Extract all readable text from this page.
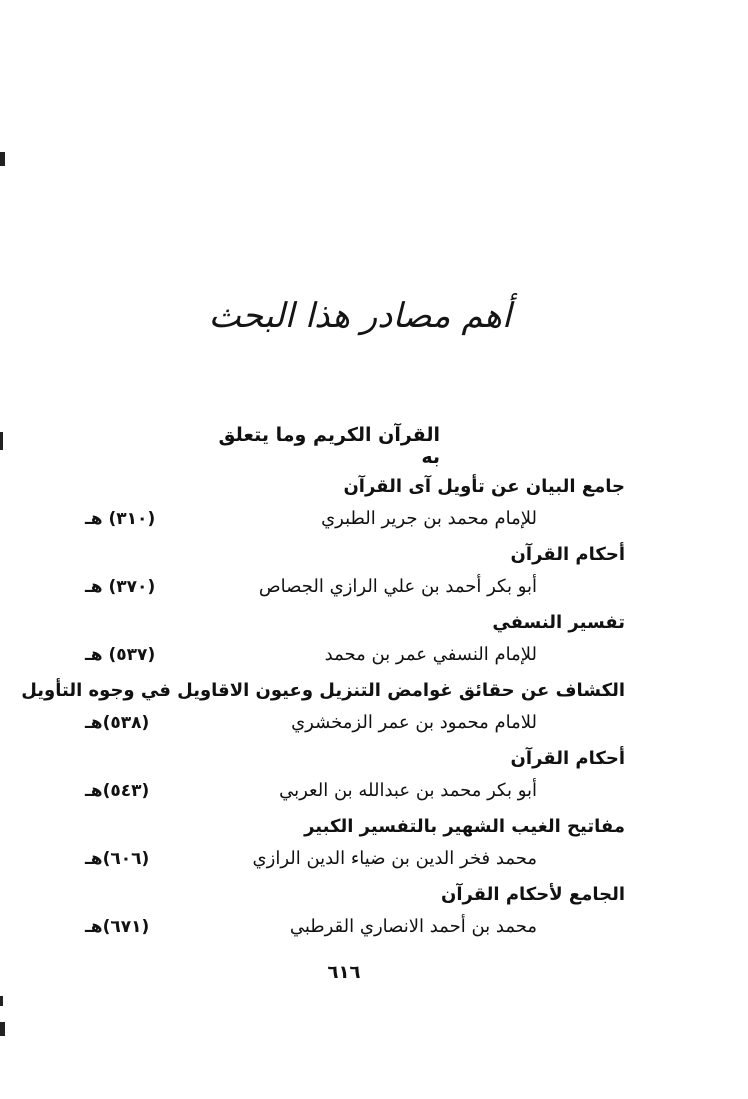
أهم مصادر هذا البحث
القرآن الكريم وما يتعلق به
جامع البيان عن تأويل آى القرآن
للإمام محمد بن جرير الطبري
(٣١٠) هـ
أحكام القرآن
أبو بكر أحمد بن علي الرازي الجصاص
(٣٧٠) هـ
تفسير النسفي
للإمام النسفي عمر بن محمد
(٥٣٧) هـ
الكشاف عن حقائق غوامض التنزيل وعيون الاقاويل في وجوه التأويل
للامام محمود بن عمر الزمخشري
(٥٣٨)هـ
أحكام القرآن
أبو بكر محمد بن عبدالله بن العربي
(٥٤٣)هـ
مفاتيح الغيب الشهير بالتفسير الكبير
محمد فخر الدين بن ضياء الدين الرازي
(٦٠٦)هـ
الجامع لأحكام القرآن
محمد بن أحمد الانصاري القرطبي
(٦٧١)هـ
٦١٦
